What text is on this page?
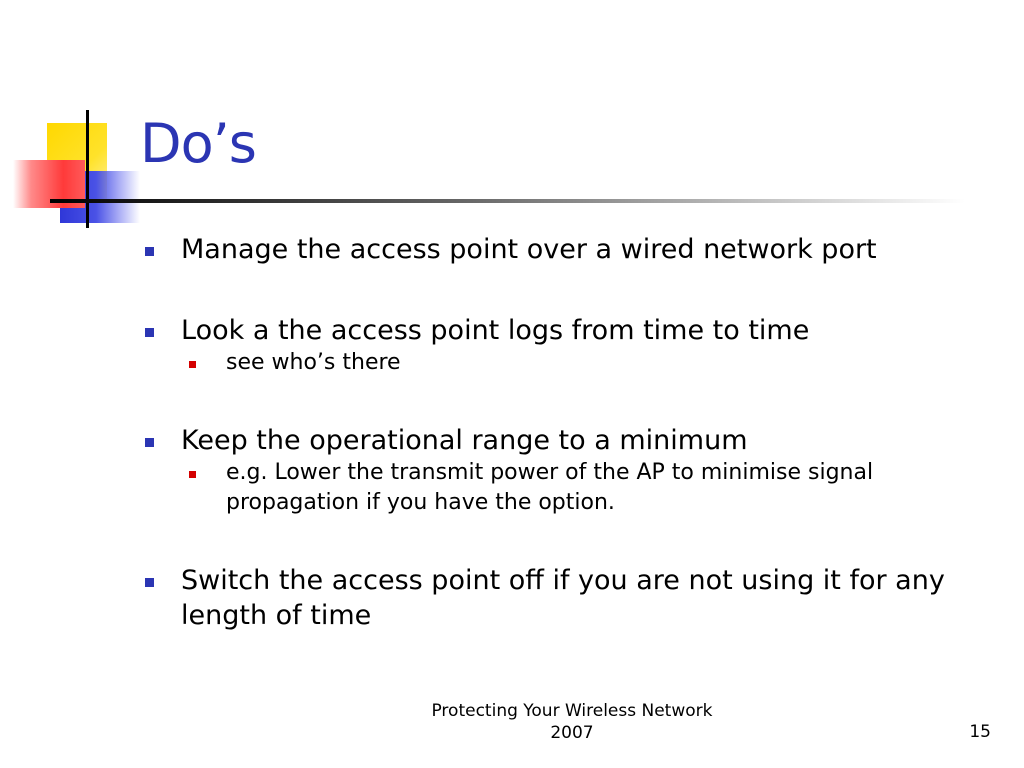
Do’s
Manage the access point over a wired network port
Look a the access point logs from time to time
see who’s there
Keep the operational range to a minimum
e.g. Lower the transmit power of the AP to minimise signal propagation if you have the option.
Switch the access point off if you are not using it for any length of time
Protecting Your Wireless Network
2007	15
